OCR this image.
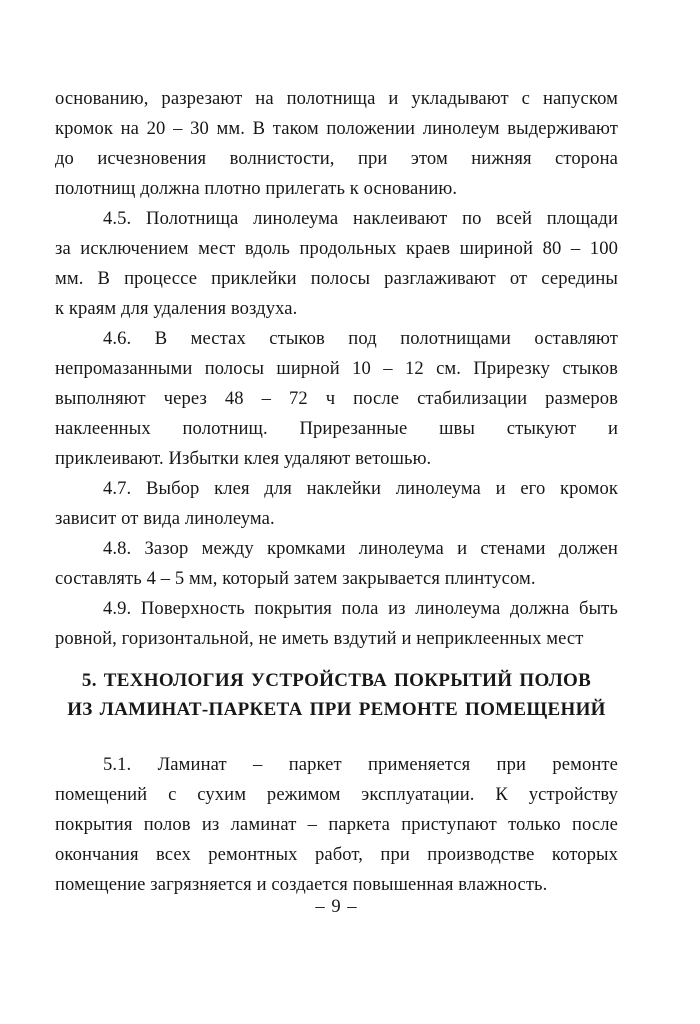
основанию, разрезают на полотнища и укладывают с напуском
кромок на 20 – 30 мм. В таком положении линолеум выдерживают
до исчезновения волнистости, при этом нижняя сторона
полотнищ должна плотно прилегать к основанию.
4.5. Полотнища линолеума наклеивают по всей площади
за исключением мест вдоль продольных краев шириной 80 – 100
мм. В процессе приклейки полосы разглаживают от середины
к краям для удаления воздуха.
4.6. В местах стыков под полотнищами оставляют
непромазанными полосы ширной 10 – 12 см. Прирезку стыков
выполняют через 48 – 72 ч после стабилизации размеров
наклеенных полотнищ. Прирезанные швы стыкуют и
приклеивают. Избытки клея удаляют ветошью.
4.7. Выбор клея для наклейки линолеума и его кромок
зависит от вида линолеума.
4.8. Зазор между кромками линолеума и стенами должен
составлять 4 – 5 мм, который затем закрывается плинтусом.
4.9. Поверхность покрытия пола из линолеума должна быть
ровной, горизонтальной, не иметь вздутий и неприклеенных мест
5. ТЕХНОЛОГИЯ УСТРОЙСТВА ПОКРЫТИЙ ПОЛОВ
ИЗ ЛАМИНАТ-ПАРКЕТА ПРИ РЕМОНТЕ ПОМЕЩЕНИЙ
5.1. Ламинат – паркет применяется при ремонте
помещений с сухим режимом эксплуатации. К устройству
покрытия полов из ламинат – паркета приступают только после
окончания всех ремонтных работ, при производстве которых
помещение загрязняется и создается повышенная влажность.
– 9 –
